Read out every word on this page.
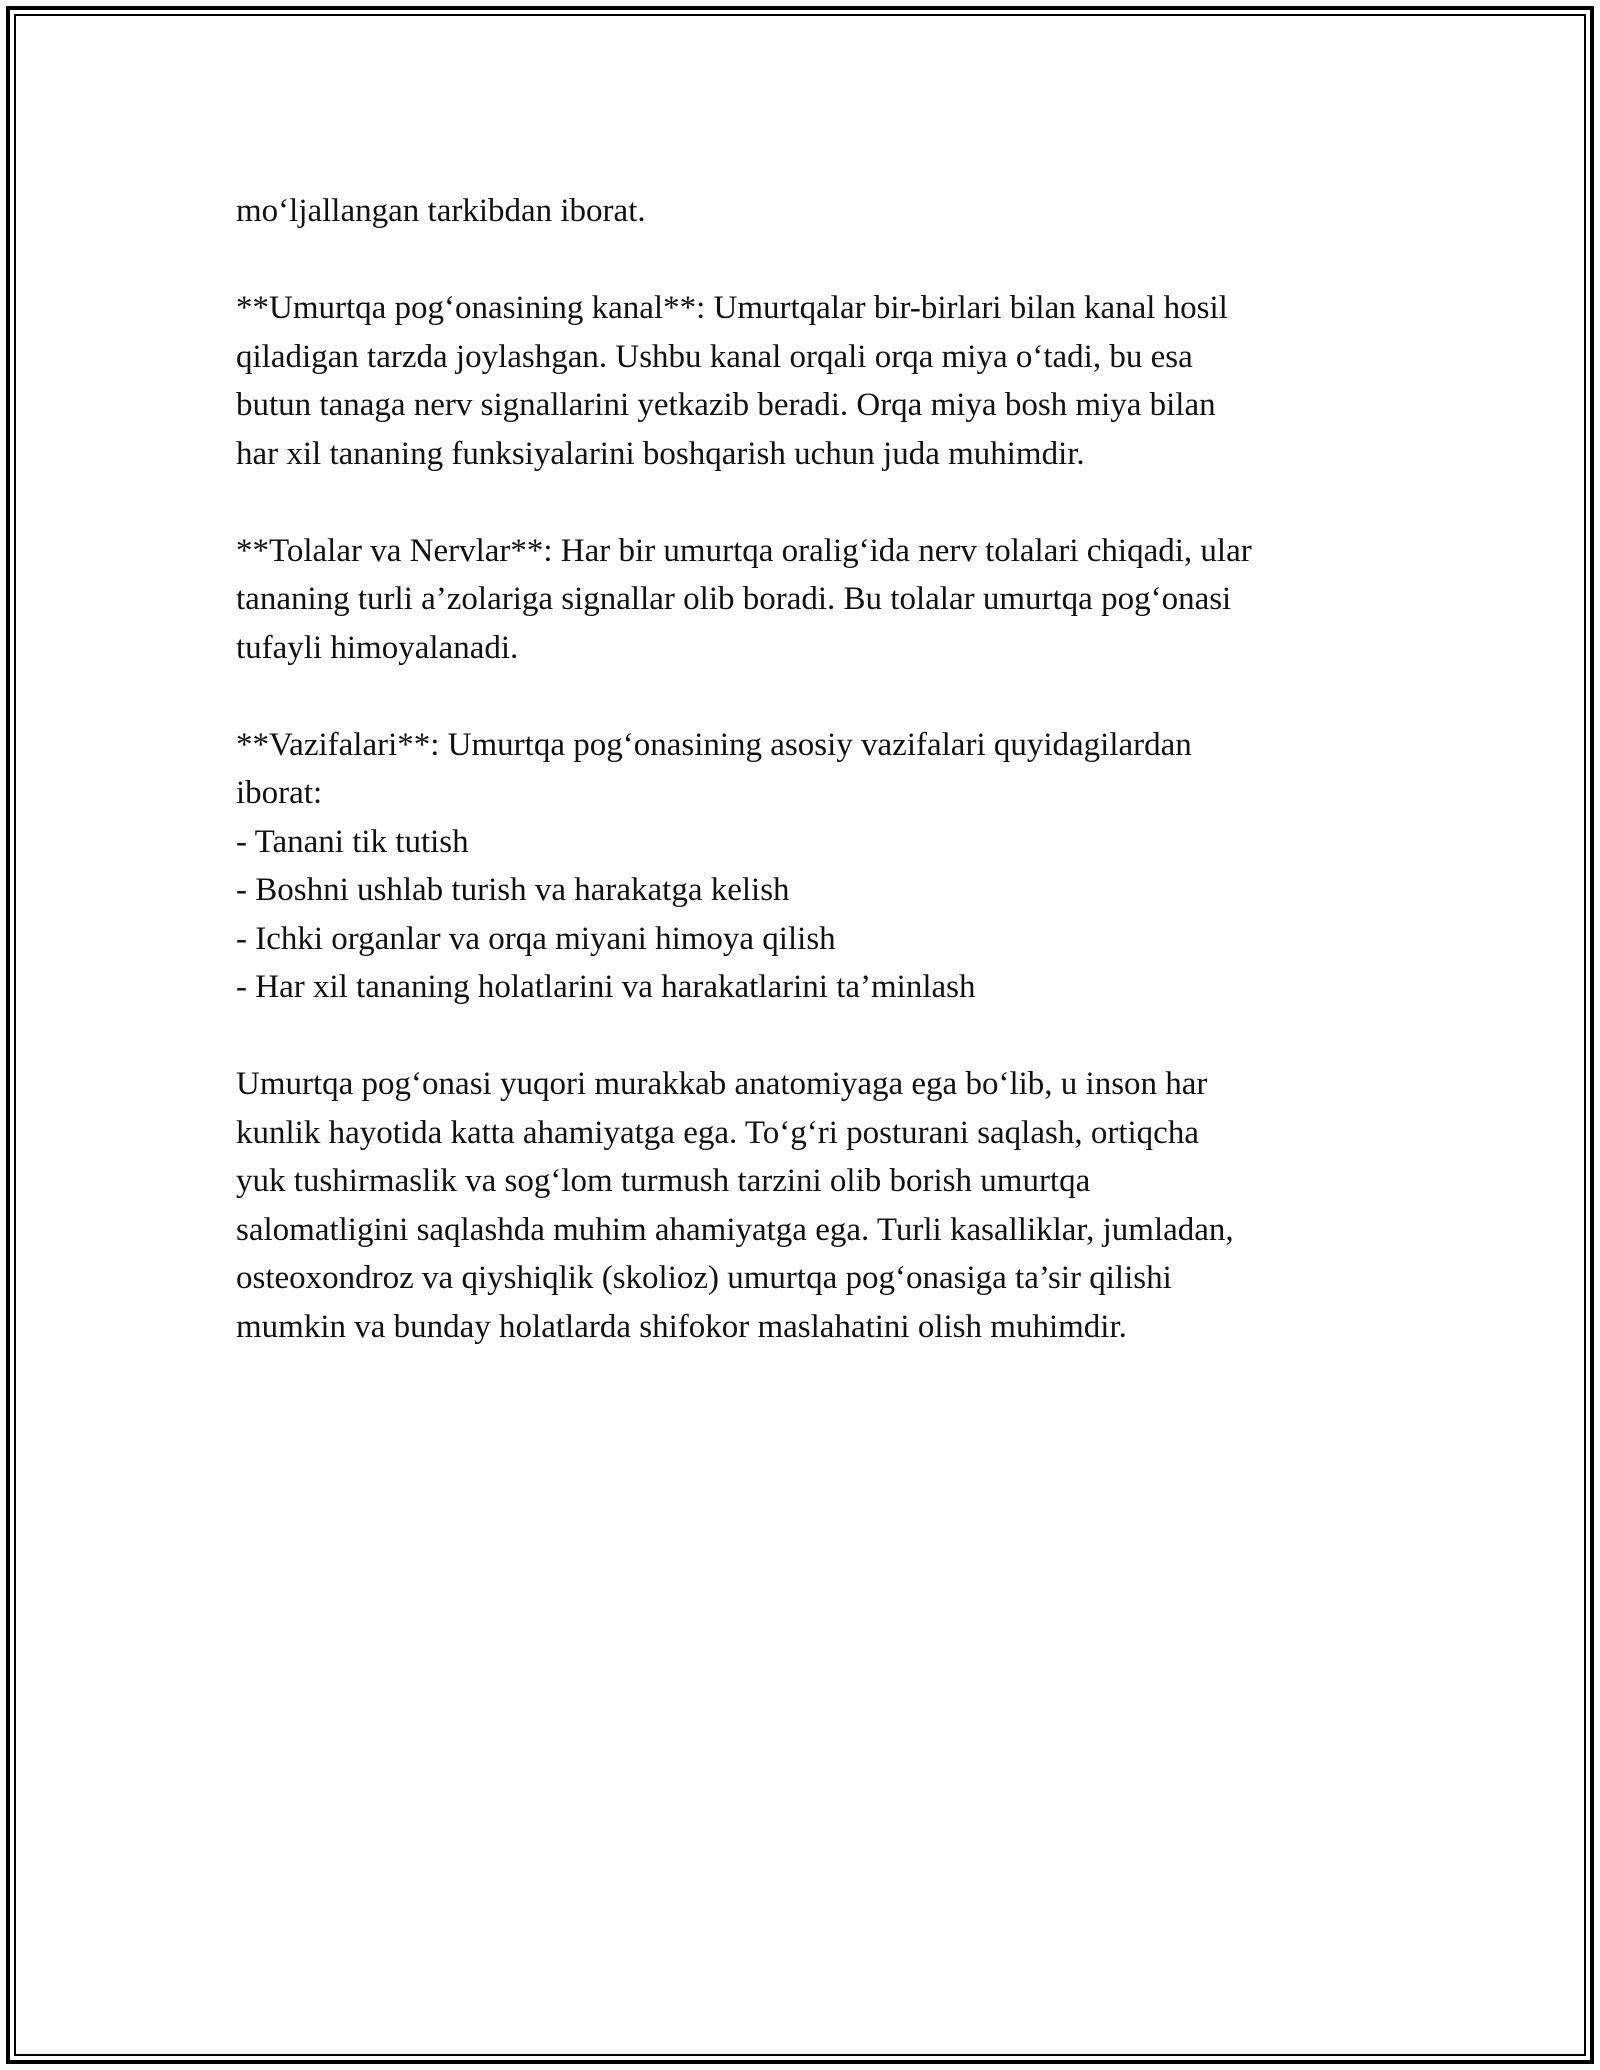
mo‘ljallangan tarkibdan iborat.
**Umurtqa pog‘onasining kanal**: Umurtqalar bir-birlari bilan kanal hosil
qiladigan tarzda joylashgan. Ushbu kanal orqali orqa miya o‘tadi, bu esa
butun tanaga nerv signallarini yetkazib beradi. Orqa miya bosh miya bilan
har xil tananing funksiyalarini boshqarish uchun juda muhimdir.
**Tolalar va Nervlar**: Har bir umurtqa oralig‘ida nerv tolalari chiqadi, ular
tananing turli a’zolariga signallar olib boradi. Bu tolalar umurtqa pog‘onasi
tufayli himoyalanadi.
**Vazifalari**: Umurtqa pog‘onasining asosiy vazifalari quyidagilardan
iborat:
- Tanani tik tutish
- Boshni ushlab turish va harakatga kelish
- Ichki organlar va orqa miyani himoya qilish
- Har xil tananing holatlarini va harakatlarini ta’minlash
Umurtqa pog‘onasi yuqori murakkab anatomiyaga ega bo‘lib, u inson har
kunlik hayotida katta ahamiyatga ega. To‘g‘ri posturani saqlash, ortiqcha
yuk tushirmaslik va sog‘lom turmush tarzini olib borish umurtqa
salomatligini saqlashda muhim ahamiyatga ega. Turli kasalliklar, jumladan,
osteoxondroz va qiyshiqlik (skolioz) umurtqa pog‘onasiga ta’sir qilishi
mumkin va bunday holatlarda shifokor maslahatini olish muhimdir.
